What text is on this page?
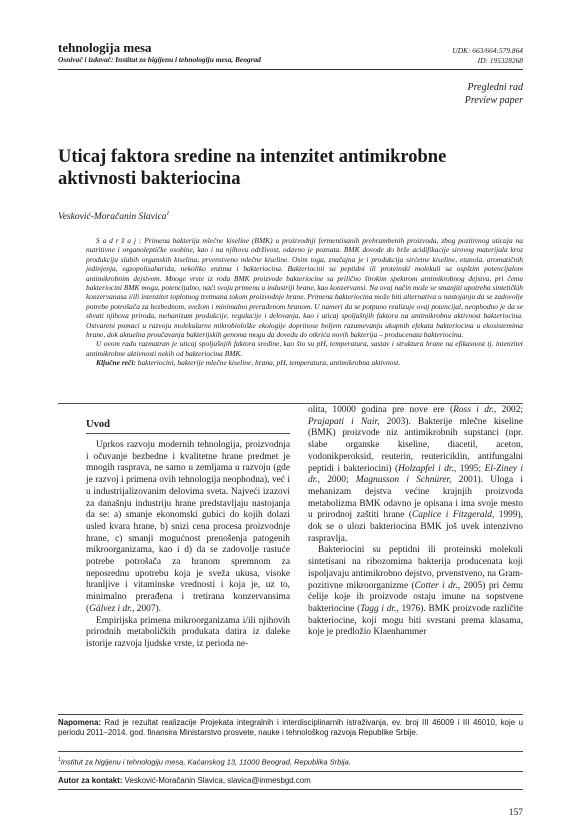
tehnologija mesa
Osnivač i izdavač: Institut za higijenu i tehnologiju mesa, Beograd
UDK: 663/664:579.864
ID: 195328268
Pregledni rad
Preview paper
Uticaj faktora sredine na intenzitet antimikrobne
aktivnosti bakteriocina
Vesković-Moračanin Slavica$^1$

S a d r ž a j : Primena bakterija mlečne kiseline (BMK) u proizvodnji fermentisanih prehrambenih proizvoda, zbog pozitivnog uticaja na nutritivne i organoleptičke osobine, kao i na njihovu održivost, odavno je poznata. BMK dovode do brže acidifikacije sirovog materijala kroz produkciju slabih organskih kiselina, prvenstveno mlečne kiseline. Osim toga, značajna je i produkcija sirćetne kiseline, etanola, aromatičnih jedinjenja, egzopolisaharida, nekoliko enzima i bakteriocina. Bakteriocini su peptidni ili proteinski molekuli sa ospštim potencijalom antimikrobnim dejstvom. Mnoge vrste iz roda BMK proizvode bakteriocine sa prilično širokim spektrom antimikrobnog dejstva, pri čemu bakteriocini BMK mogu, potencijalno, naći svoju primenu u industriji hrane, kao konzervansi. Na ovaj način može se smanjiti upotreba sintetičkih konzervanasa i/ili intenzitet toplotnog tretmana tokom proizvodnje hrane. Primena bakteriocina može biti alternativa u nastojanju da se zadovolje potrebe potrošača za bezbednom, svežom i minimalno prerađenom hranom. U nameri da se potpuno realizuje ovaj potencijal, neophodno je da se shvati njihova priroda, mehanizam produkcije, regulacije i delovanja, kao i uticaj spoljašnjih faktora na antimikrobnu aktivnost bakteriocina. Ostvareni pomaci u razvoju molekularne mikrobiološke ekologije doprinose boljem razumevanju ukupnih efekata bakteriocina u ekosistemima hrane, dok aktuelna proučavanja bakterijskih genoma mogu da dovedu do otkrića novih bakterija – producenata bakteriocina.

U ovom radu razmatran je uticaj spoljašnjih faktora sredine, kao što su pH, temperatura, sastav i struktura hrane na efikasnost tj. intenzitet antimikrobne aktivnosti nekih od bakteriocina BMK.

Ključne reči: bakteriocini, bakterije mlečne kiseline, hrana, pH, temperatura, antimikrobna aktivnost.

Uvod

Uprkos razvoju modernih tehnologija, proizvodnja i očuvanje bezbedne i kvalitetne hrane predmet je mnogih rasprava, ne samo u zemljama u razvoju (gde je razvoj i primena ovih tehnologija neophodna), već i u industrijalizovanim delovima sveta. Najveći izazovi za današnju industriju hrane predstavljaju nastojanja da se: a) smanje ekonomski gubici do kojih dolazi usled kvara hrane, b) snizi cena procesa proizvodnje hrane, c) smanji mogućnost prenošenja patogenih mikroorganizama, kao i d) da se zadovolje rastuće potrebe potrošača za hranom spremnom za neposrednu upotrebu koja je sveža ukusa, visoke hranljive i vitaminske vrednosti i koja je, uz to, minimalno prerađena i tretirana konzervansima (Gálvez i dr., 2007).

Empirijska primena mikroorganizama i/ili njihovih prirodnih metaboličkih produkata datira iz daleke istorije razvoja ljudske vrste, iz perioda ne-

olita, 10000 godina pre nove ere (Ross i dr., 2002; Prajapati i Nair, 2003). Bakterije mlečne kiseline (BMK) proizvode niz antimikrobnih supstanci (npr. slabe organske kiseline, diacetil, aceton, vodonikperoksid, reuterin, reutericiklin, antifungalni peptidi i bakteriocini) (Holzapfel i dr., 1995; El-Ziney i dr., 2000; Magnusson i Schnürer, 2001). Uloga i mehanizam dejstva većine krajnjih proizvoda metabolizma BMK odavno je opisana i ima svoje mesto u prirodnoj zaštiti hrane (Caplice i Fitzgerald, 1999), dok se o ulozi bakteriocina BMK još uvek intenzivno raspravlja.

Bakteriocini su peptidni ili proteinski molekuli sintetisani na ribozomima bakterija producenata koji ispoljavaju antimikrobno dejstvo, prvenstveno, na Gram-pozitivne mikroorganizme (Cotter i dr., 2005) pri čemu ćelije koje ih proizvode ostaju imune na sopstvene bakteriocine (Tagg i dr., 1976). BMK proizvode različite bakteriocine, koji mogu biti svrstani prema klasama, koje je predložio Klaenhammer

Napomena: Rad je rezultat realizacije Projekata integralnih i interdisciplinarnih istraživanja, ev. broj III 46009 i III 46010, koje u periodu 2011–2014. god. finansira Ministarstvo prosvete, nauke i tehnološkog razvoja Republike Srbije.
$^1$Institut za higijenu i tehnologiju mesa, Kaćanskog 13, 11000 Beograd, Republika Srbija.
Autor za kontakt: Vesković-Moračanin Slavica, slavica@inmesbgd.com
157
